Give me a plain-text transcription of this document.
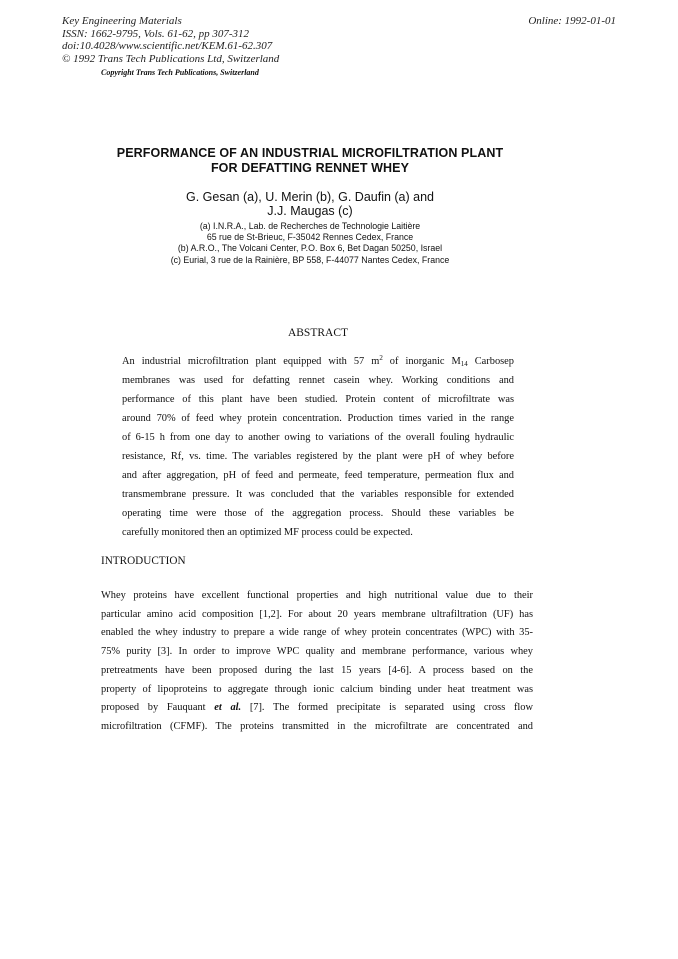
Key Engineering Materials
ISSN: 1662-9795, Vols. 61-62, pp 307-312
doi:10.4028/www.scientific.net/KEM.61-62.307
© 1992 Trans Tech Publications Ltd, Switzerland
Online: 1992-01-01
Copyright Trans Tech Publications, Switzerland
PERFORMANCE OF AN INDUSTRIAL MICROFILTRATION PLANT
FOR DEFATTING RENNET WHEY
G. Gesan (a), U. Merin (b), G. Daufin (a) and
J.J. Maugas (c)
(a) I.N.R.A., Lab. de Recherches de Technologie Laitière
65 rue de St-Brieuc, F-35042 Rennes Cedex, France
(b) A.R.O., The Volcani Center, P.O. Box 6, Bet Dagan 50250, Israel
(c) Eurial, 3 rue de la Rainière, BP 558, F-44077 Nantes Cedex, France
ABSTRACT
An industrial microfiltration plant equipped with 57 $m^2$ of inorganic $M_{14}$ Carbosep
membranes was used for defatting rennet casein whey. Working conditions and
performance of this plant have been studied. Protein content of microfiltrate was
around 70% of feed whey protein concentration. Production times varied in the range
of 6-15 h from one day to another owing to variations of the overall fouling hydraulic
resistance, Rf, vs. time. The variables registered by the plant were pH of whey before
and after aggregation, pH of feed and permeate, feed temperature, permeation flux and
transmembrane pressure. It was concluded that the variables responsible for extended
operating time were those of the aggregation process. Should these variables be
carefully monitored then an optimized MF process could be expected.
INTRODUCTION
Whey proteins have excellent functional properties and high nutritional value due to their
particular amino acid composition [1,2]. For about 20 years membrane ultrafiltration (UF) has
enabled the whey industry to prepare a wide range of whey protein concentrates (WPC) with 35-
75% purity [3]. In order to improve WPC quality and membrane performance, various whey
pretreatments have been proposed during the last 15 years [4-6]. A process based on the
property of lipoproteins to aggregate through ionic calcium binding under heat treatment was
proposed by Fauquant et al. [7]. The formed precipitate is separated using cross flow
microfiltration (CFMF). The proteins transmitted in the microfiltrate are concentrated and
